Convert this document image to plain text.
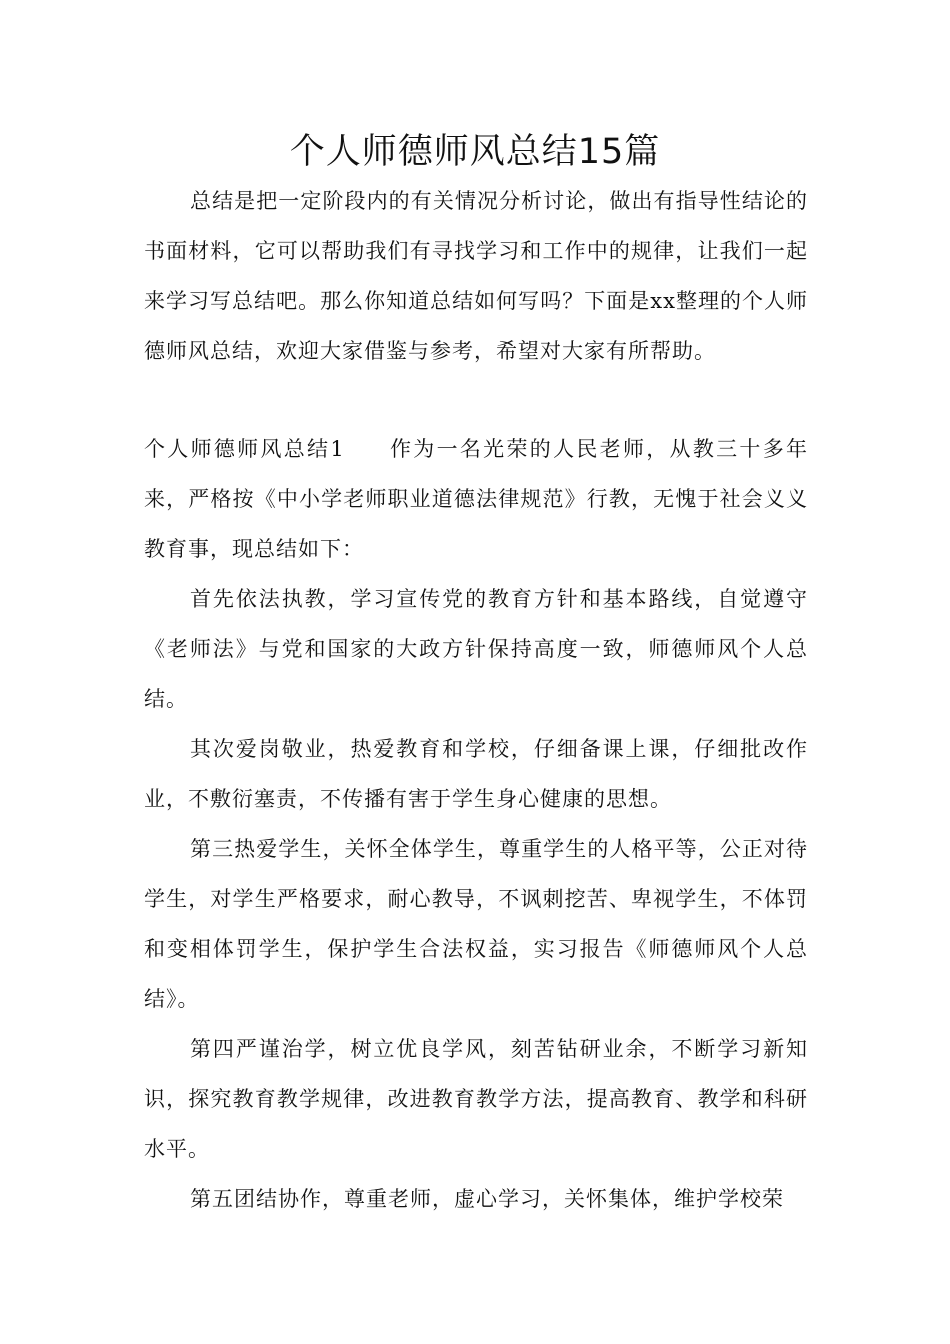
个人师德师风总结15篇

总结是把一定阶段内的有关情况分析讨论，做出有指导性结论的书面材料，它可以帮助我们有寻找学习和工作中的规律，让我们一起来学习写总结吧。那么你知道总结如何写吗？下面是xx整理的个人师德师风总结，欢迎大家借鉴与参考，希望对大家有所帮助。

个人师德师风总结1 作为一名光荣的人民老师，从教三十多年来，严格按《中小学老师职业道德法律规范》行教，无愧于社会义义教育事，现总结如下：

首先依法执教，学习宣传党的教育方针和基本路线，自觉遵守《老师法》与党和国家的大政方针保持高度一致，师德师风个人总结。

其次爱岗敬业，热爱教育和学校，仔细备课上课，仔细批改作业，不敷衍塞责，不传播有害于学生身心健康的思想。

第三热爱学生，关怀全体学生，尊重学生的人格平等，公正对待学生，对学生严格要求，耐心教导，不讽刺挖苦、卑视学生，不体罚和变相体罚学生，保护学生合法权益，实习报告《师德师风个人总结》。

第四严谨治学，树立优良学风，刻苦钻研业余，不断学习新知识，探究教育教学规律，改进教育教学方法，提高教育、教学和科研水平。

第五团结协作，尊重老师，虚心学习，关怀集体，维护学校荣
